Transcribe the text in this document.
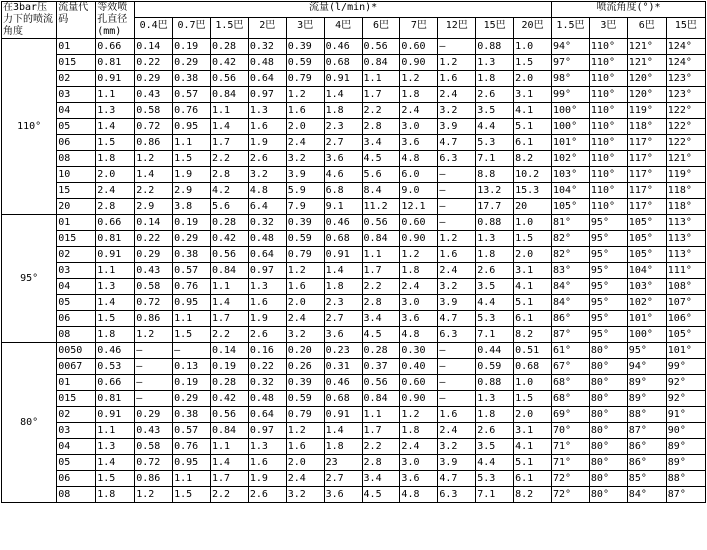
在3bar压力下的喷流角度	流量代码	等效喷孔直径(mm)	流量(l/min)*											喷流角度(°)*			
			0.4巴	0.7巴	1.5巴	2巴	3巴	4巴	6巴	7巴	12巴	15巴	20巴	1.5巴	3巴	6巴	15巴
110°	01	0.66	0.14	0.19	0.28	0.32	0.39	0.46	0.56	0.60	–	0.88	1.0	94°	110°	121°	124°
	015	0.81	0.22	0.29	0.42	0.48	0.59	0.68	0.84	0.90	1.2	1.3	1.5	97°	110°	121°	124°
	02	0.91	0.29	0.38	0.56	0.64	0.79	0.91	1.1	1.2	1.6	1.8	2.0	98°	110°	120°	123°
	03	1.1	0.43	0.57	0.84	0.97	1.2	1.4	1.7	1.8	2.4	2.6	3.1	99°	110°	120°	123°
	04	1.3	0.58	0.76	1.1	1.3	1.6	1.8	2.2	2.4	3.2	3.5	4.1	100°	110°	119°	122°
	05	1.4	0.72	0.95	1.4	1.6	2.0	2.3	2.8	3.0	3.9	4.4	5.1	100°	110°	118°	122°
	06	1.5	0.86	1.1	1.7	1.9	2.4	2.7	3.4	3.6	4.7	5.3	6.1	101°	110°	117°	122°
	08	1.8	1.2	1.5	2.2	2.6	3.2	3.6	4.5	4.8	6.3	7.1	8.2	102°	110°	117°	121°
	10	2.0	1.4	1.9	2.8	3.2	3.9	4.6	5.6	6.0	–	8.8	10.2	103°	110°	117°	119°
	15	2.4	2.2	2.9	4.2	4.8	5.9	6.8	8.4	9.0	–	13.2	15.3	104°	110°	117°	118°
	20	2.8	2.9	3.8	5.6	6.4	7.9	9.1	11.2	12.1	–	17.7	20	105°	110°	117°	118°
95°	01	0.66	0.14	0.19	0.28	0.32	0.39	0.46	0.56	0.60	–	0.88	1.0	81°	95°	105°	113°
	015	0.81	0.22	0.29	0.42	0.48	0.59	0.68	0.84	0.90	1.2	1.3	1.5	82°	95°	105°	113°
	02	0.91	0.29	0.38	0.56	0.64	0.79	0.91	1.1	1.2	1.6	1.8	2.0	82°	95°	105°	113°
	03	1.1	0.43	0.57	0.84	0.97	1.2	1.4	1.7	1.8	2.4	2.6	3.1	83°	95°	104°	111°
	04	1.3	0.58	0.76	1.1	1.3	1.6	1.8	2.2	2.4	3.2	3.5	4.1	84°	95°	103°	108°
	05	1.4	0.72	0.95	1.4	1.6	2.0	2.3	2.8	3.0	3.9	4.4	5.1	84°	95°	102°	107°
	06	1.5	0.86	1.1	1.7	1.9	2.4	2.7	3.4	3.6	4.7	5.3	6.1	86°	95°	101°	106°
	08	1.8	1.2	1.5	2.2	2.6	3.2	3.6	4.5	4.8	6.3	7.1	8.2	87°	95°	100°	105°
80°	0050	0.46	–	–	0.14	0.16	0.20	0.23	0.28	0.30	–	0.44	0.51	61°	80°	95°	101°
	0067	0.53	–	0.13	0.19	0.22	0.26	0.31	0.37	0.40	–	0.59	0.68	67°	80°	94°	99°
	01	0.66	–	0.19	0.28	0.32	0.39	0.46	0.56	0.60	–	0.88	1.0	68°	80°	89°	92°
	015	0.81	–	0.29	0.42	0.48	0.59	0.68	0.84	0.90	–	1.3	1.5	68°	80°	89°	92°
	02	0.91	0.29	0.38	0.56	0.64	0.79	0.91	1.1	1.2	1.6	1.8	2.0	69°	80°	88°	91°
	03	1.1	0.43	0.57	0.84	0.97	1.2	1.4	1.7	1.8	2.4	2.6	3.1	70°	80°	87°	90°
	04	1.3	0.58	0.76	1.1	1.3	1.6	1.8	2.2	2.4	3.2	3.5	4.1	71°	80°	86°	89°
	05	1.4	0.72	0.95	1.4	1.6	2.0	23	2.8	3.0	3.9	4.4	5.1	71°	80°	86°	89°
	06	1.5	0.86	1.1	1.7	1.9	2.4	2.7	3.4	3.6	4.7	5.3	6.1	72°	80°	85°	88°
	08	1.8	1.2	1.5	2.2	2.6	3.2	3.6	4.5	4.8	6.3	7.1	8.2	72°	80°	84°	87°
